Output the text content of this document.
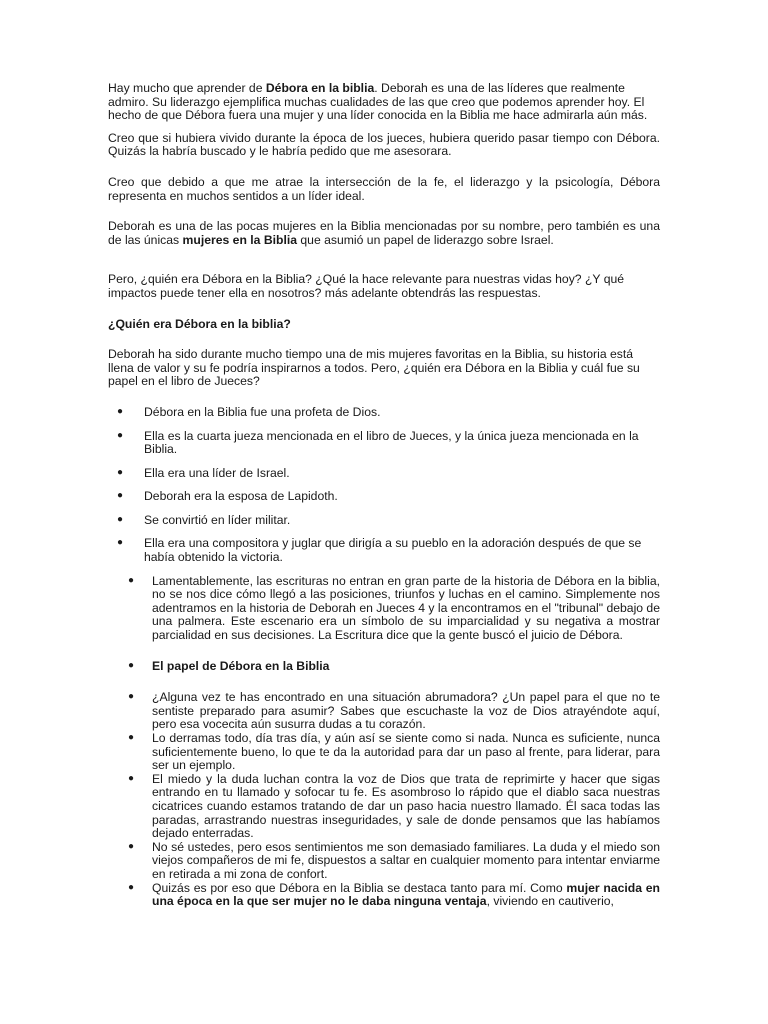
Hay mucho que aprender de Débora en la biblia. Deborah es una de las líderes que realmente admiro. Su liderazgo ejemplifica muchas cualidades de las que creo que podemos aprender hoy. El hecho de que Débora fuera una mujer y una líder conocida en la Biblia me hace admirarla aún más.

Creo que si hubiera vivido durante la época de los jueces, hubiera querido pasar tiempo con Débora. Quizás la habría buscado y le habría pedido que me asesorara.

Creo que debido a que me atrae la intersección de la fe, el liderazgo y la psicología, Débora representa en muchos sentidos a un líder ideal.

Deborah es una de las pocas mujeres en la Biblia mencionadas por su nombre, pero también es una de las únicas mujeres en la Biblia que asumió un papel de liderazgo sobre Israel.

Pero, ¿quién era Débora en la Biblia? ¿Qué la hace relevante para nuestras vidas hoy? ¿Y qué impactos puede tener ella en nosotros? más adelante obtendrás las respuestas.

¿Quién era Débora en la biblia?

Deborah ha sido durante mucho tiempo una de mis mujeres favoritas en la Biblia, su historia está llena de valor y su fe podría inspirarnos a todos. Pero, ¿quién era Débora en la Biblia y cuál fue su papel en el libro de Jueces?

● Débora en la Biblia fue una profeta de Dios.
● Ella es la cuarta jueza mencionada en el libro de Jueces, y la única jueza mencionada en la Biblia.
● Ella era una líder de Israel.
● Deborah era la esposa de Lapidoth.
● Se convirtió en líder militar.
● Ella era una compositora y juglar que dirigía a su pueblo en la adoración después de que se había obtenido la victoria.
● Lamentablemente, las escrituras no entran en gran parte de la historia de Débora en la biblia, no se nos dice cómo llegó a las posiciones, triunfos y luchas en el camino. Simplemente nos adentramos en la historia de Deborah en Jueces 4 y la encontramos en el "tribunal" debajo de una palmera. Este escenario era un símbolo de su imparcialidad y su negativa a mostrar parcialidad en sus decisiones. La Escritura dice que la gente buscó el juicio de Débora.
● El papel de Débora en la Biblia
● ¿Alguna vez te has encontrado en una situación abrumadora? ¿Un papel para el que no te sentiste preparado para asumir? Sabes que escuchaste la voz de Dios atrayéndote aquí, pero esa vocecita aún susurra dudas a tu corazón.
● Lo derramas todo, día tras día, y aún así se siente como si nada. Nunca es suficiente, nunca suficientemente bueno, lo que te da la autoridad para dar un paso al frente, para liderar, para ser un ejemplo.
● El miedo y la duda luchan contra la voz de Dios que trata de reprimirte y hacer que sigas entrando en tu llamado y sofocar tu fe. Es asombroso lo rápido que el diablo saca nuestras cicatrices cuando estamos tratando de dar un paso hacia nuestro llamado. Él saca todas las paradas, arrastrando nuestras inseguridades, y sale de donde pensamos que las habíamos dejado enterradas.
● No sé ustedes, pero esos sentimientos me son demasiado familiares. La duda y el miedo son viejos compañeros de mi fe, dispuestos a saltar en cualquier momento para intentar enviarme en retirada a mi zona de confort.
● Quizás es por eso que Débora en la Biblia se destaca tanto para mí. Como mujer nacida en una época en la que ser mujer no le daba ninguna ventaja, viviendo en cautiverio,
